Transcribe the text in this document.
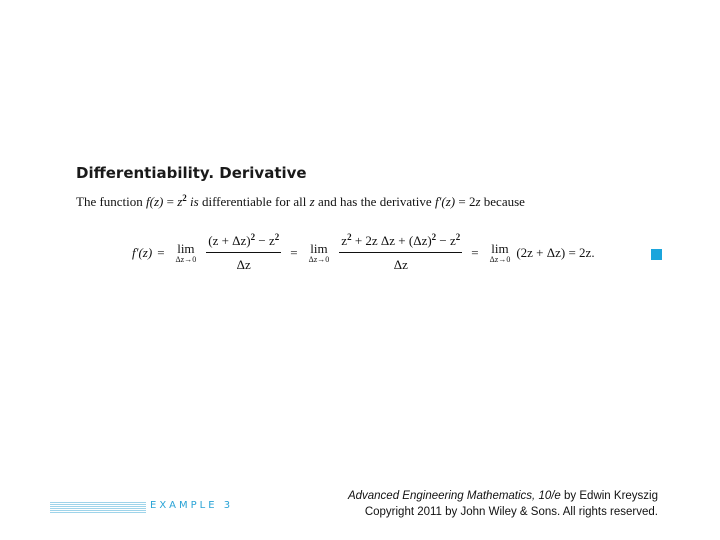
Differentiability. Derivative
The function $f(z) = z^2$ is differentiable for all z and has the derivative f′(z) = 2z because
f′(z) = lim
$\Delta z\to 0 \frac{(z + \Delta z)^2 - z^2}{\Delta z} = \lim$
$\Delta z\to 0 \frac{z^2 + 2z \Delta z + (\Delta z)^2 - z^2}{\Delta z} = \lim$
Δz→0 (2z + Δz) = 2z.
EXAMPLE 3
Advanced Engineering Mathematics, 10/e by Edwin Kreyszig
Copyright 2011 by John Wiley & Sons. All rights reserved.
